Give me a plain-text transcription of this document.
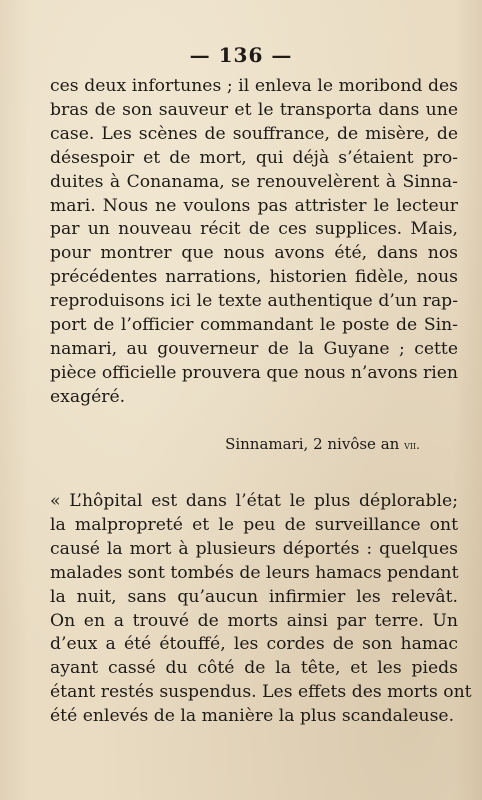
— 136 —
ces deux infortunes ; il enleva le moribond des
bras de son sauveur et le transporta dans une
case. Les scènes de souffrance, de misère, de
désespoir et de mort, qui déjà s’étaient pro-
duites à Conanama, se renouvelèrent à Sinna-
mari. Nous ne voulons pas attrister le lecteur
par un nouveau récit de ces supplices. Mais,
pour montrer que nous avons été, dans nos
précédentes narrations, historien fidèle, nous
reproduisons ici le texte authentique d’un rap-
port de l’officier commandant le poste de Sin-
namari, au gouverneur de la Guyane ; cette
pièce officielle prouvera que nous n’avons rien
exagéré.
Sinnamari, 2 nivôse an vii.
« L’hôpital est dans l’état le plus déplorable;
la malpropreté et le peu de surveillance ont
causé la mort à plusieurs déportés : quelques
malades sont tombés de leurs hamacs pendant
la nuit, sans qu’aucun infirmier les relevât.
On en a trouvé de morts ainsi par terre. Un
d’eux a été étouffé, les cordes de son hamac
ayant cassé du côté de la tête, et les pieds
étant restés suspendus. Les effets des morts ont
été enlevés de la manière la plus scandaleuse.
